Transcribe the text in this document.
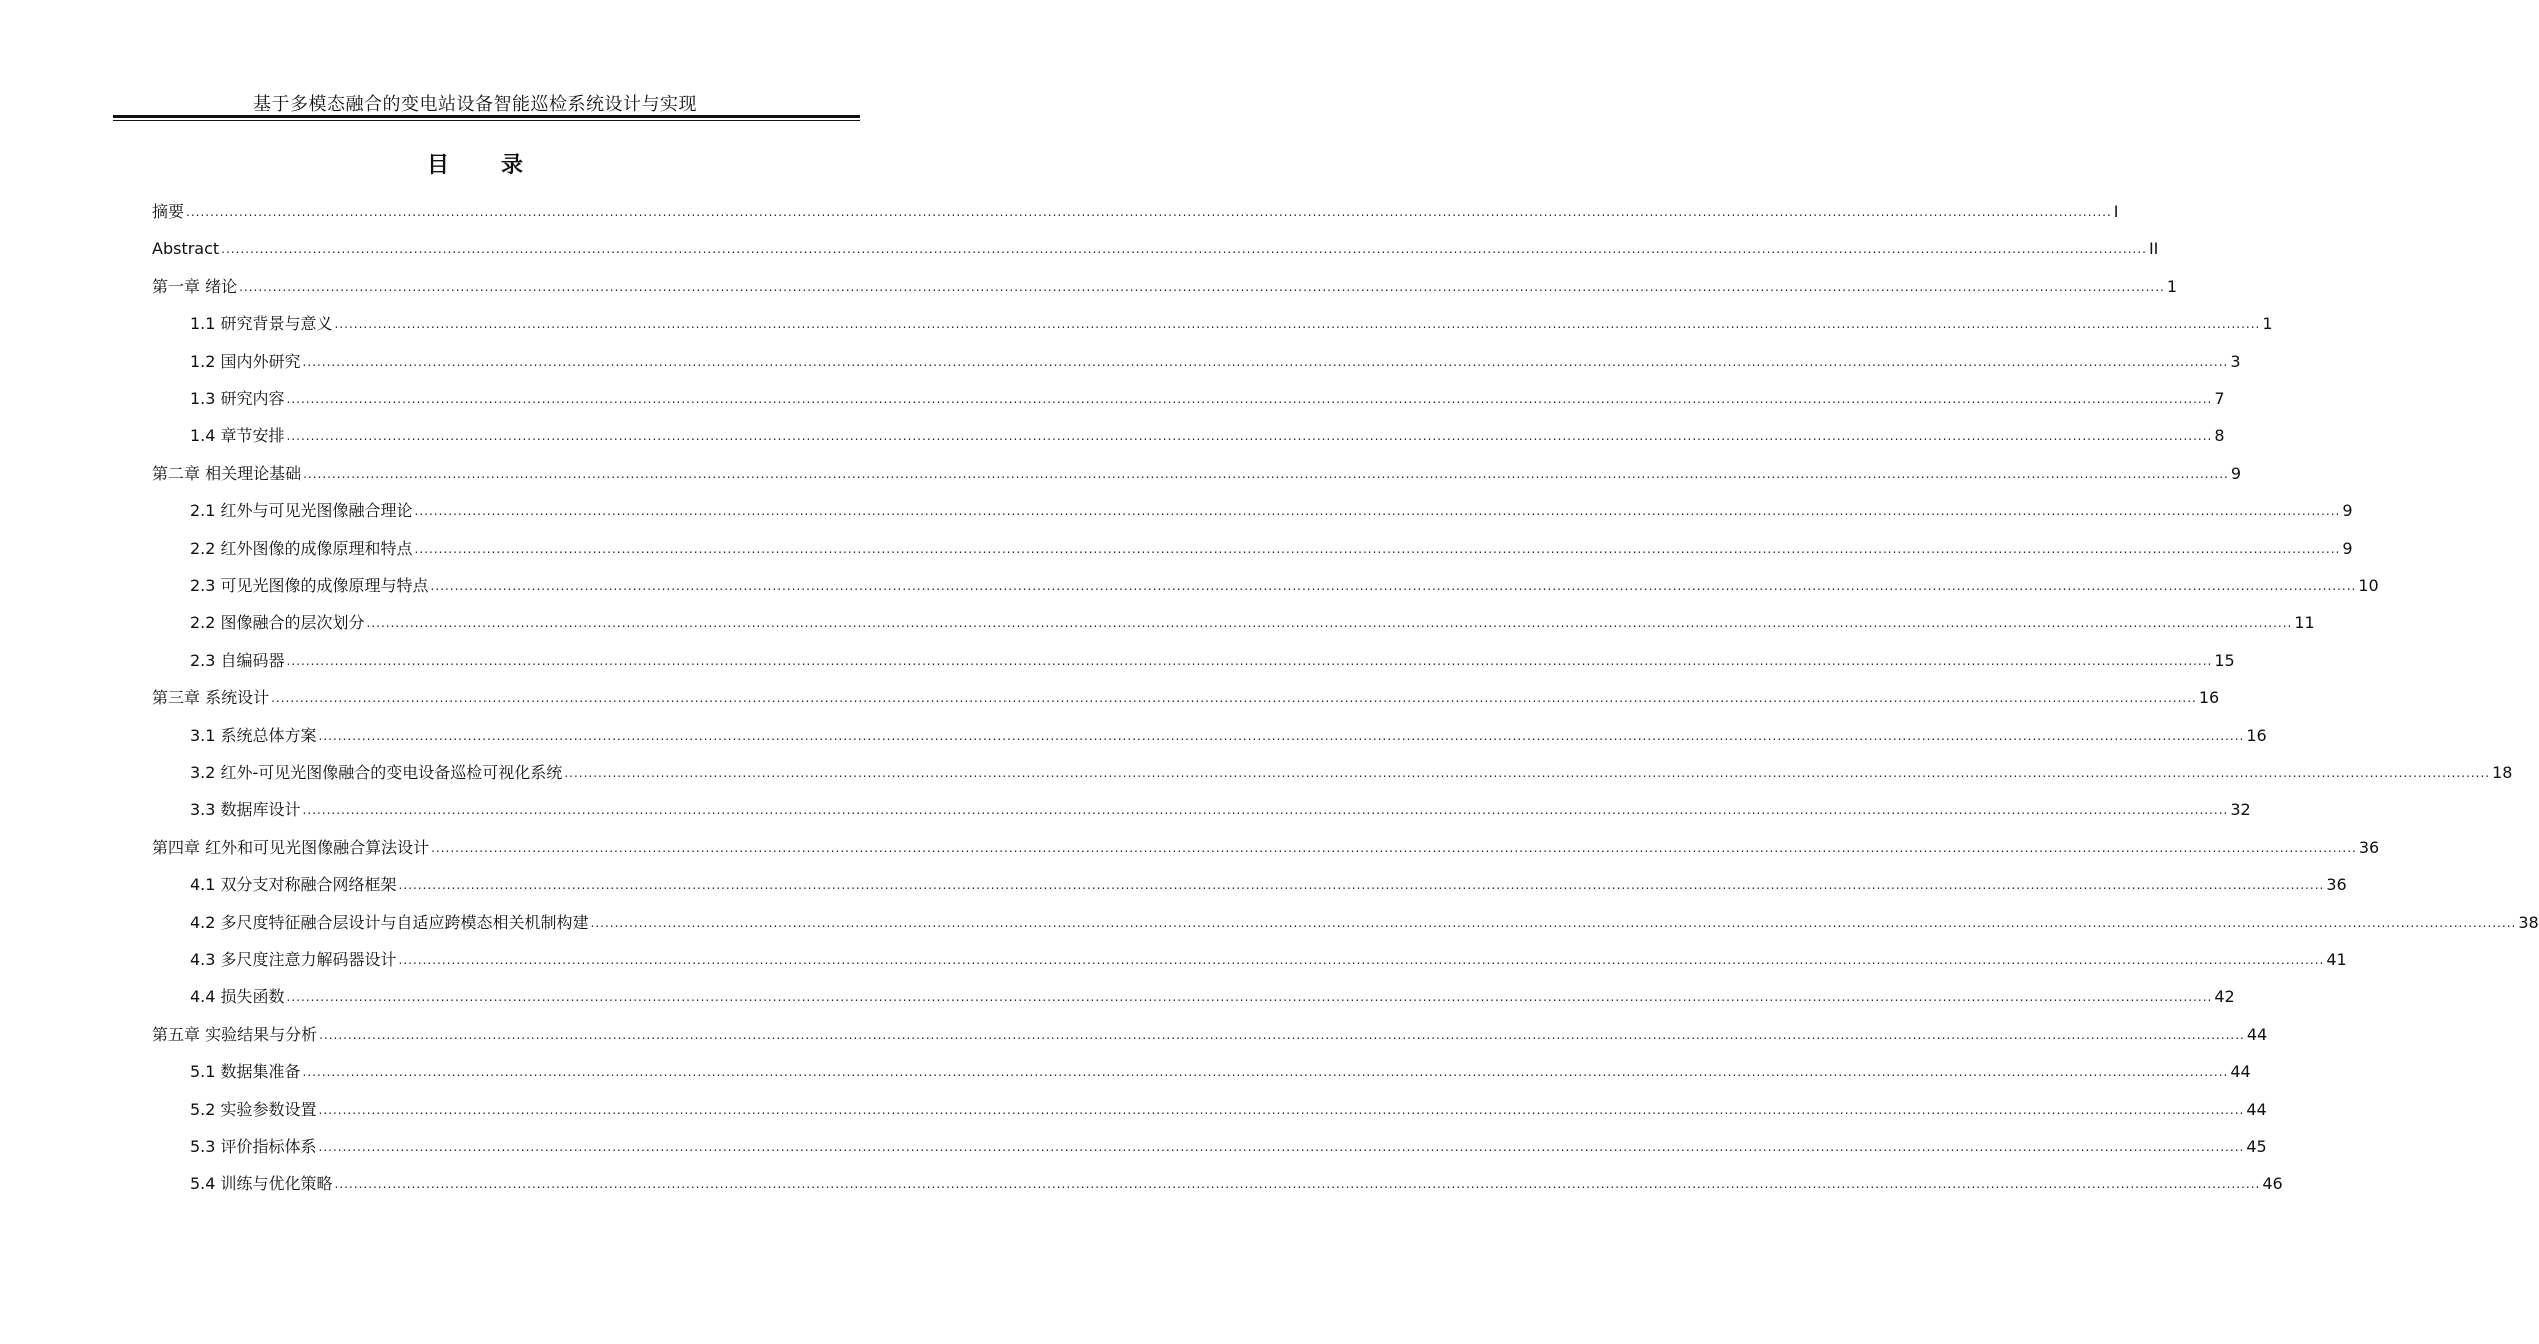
基于多模态融合的变电站设备智能巡检系统设计与实现
目录
摘要 ................................................................................................................................................................................................................................................................................................................................................................................................................ I
Abstract ................................................................................................................................................................................................................................................................................................................................................................................................................ II
第一章 绪论 ................................................................................................................................................................................................................................................................................................................................................................................................................ 1
1.1 研究背景与意义 ................................................................................................................................................................................................................................................................................................................................................................................................................ 1
1.2 国内外研究 ................................................................................................................................................................................................................................................................................................................................................................................................................ 3
1.3 研究内容 ................................................................................................................................................................................................................................................................................................................................................................................................................ 7
1.4 章节安排 ................................................................................................................................................................................................................................................................................................................................................................................................................ 8
第二章 相关理论基础 ................................................................................................................................................................................................................................................................................................................................................................................................................ 9
2.1 红外与可见光图像融合理论 ................................................................................................................................................................................................................................................................................................................................................................................................................ 9
2.2 红外图像的成像原理和特点 ................................................................................................................................................................................................................................................................................................................................................................................................................ 9
2.3 可见光图像的成像原理与特点 ................................................................................................................................................................................................................................................................................................................................................................................................................ 10
2.2 图像融合的层次划分 ................................................................................................................................................................................................................................................................................................................................................................................................................ 11
2.3 自编码器 ................................................................................................................................................................................................................................................................................................................................................................................................................ 15
第三章 系统设计 ................................................................................................................................................................................................................................................................................................................................................................................................................ 16
3.1 系统总体方案 ................................................................................................................................................................................................................................................................................................................................................................................................................ 16
3.2 红外-可见光图像融合的变电设备巡检可视化系统 ................................................................................................................................................................................................................................................................................................................................................................................................................ 18
3.3 数据库设计 ................................................................................................................................................................................................................................................................................................................................................................................................................ 32
第四章 红外和可见光图像融合算法设计 ................................................................................................................................................................................................................................................................................................................................................................................................................ 36
4.1 双分支对称融合网络框架 ................................................................................................................................................................................................................................................................................................................................................................................................................ 36
4.2 多尺度特征融合层设计与自适应跨模态相关机制构建 ................................................................................................................................................................................................................................................................................................................................................................................................................ 38
4.3 多尺度注意力解码器设计 ................................................................................................................................................................................................................................................................................................................................................................................................................ 41
4.4 损失函数 ................................................................................................................................................................................................................................................................................................................................................................................................................ 42
第五章 实验结果与分析 ................................................................................................................................................................................................................................................................................................................................................................................................................ 44
5.1 数据集准备 ................................................................................................................................................................................................................................................................................................................................................................................................................ 44
5.2 实验参数设置 ................................................................................................................................................................................................................................................................................................................................................................................................................ 44
5.3 评价指标体系 ................................................................................................................................................................................................................................................................................................................................................................................................................ 45
5.4 训练与优化策略 ................................................................................................................................................................................................................................................................................................................................................................................................................ 46
